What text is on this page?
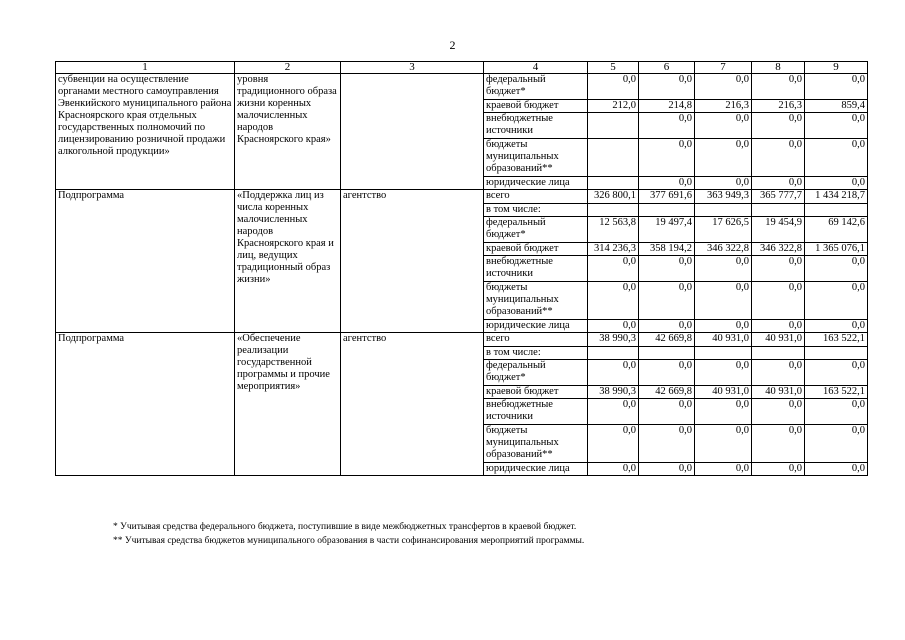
2
1	2	3	4	5	6	7	8	9
субвенции на осуществление органами местного самоуправления Эвенкийского муниципального района Красноярского края отдельных государственных полномочий по лицензированию розничной продажи алкогольной продукции»	уровня традиционного образа жизни коренных малочисленных народов Красноярского края»		федеральный бюджет*	0,0	0,0	0,0	0,0	0,0
			краевой бюджет	212,0	214,8	216,3	216,3	859,4
			внебюджетные источники		0,0	0,0	0,0	0,0
			бюджеты муниципальных образований**		0,0	0,0	0,0	0,0
			юридические лица		0,0	0,0	0,0	0,0
Подпрограмма	«Поддержка лиц из числа коренных малочисленных народов Красноярского края и лиц, ведущих традиционный образ жизни»	агентство	всего	326 800,1	377 691,6	363 949,3	365 777,7	1 434 218,7
			в том числе:					
			федеральный бюджет*	12 563,8	19 497,4	17 626,5	19 454,9	69 142,6
			краевой бюджет	314 236,3	358 194,2	346 322,8	346 322,8	1 365 076,1
			внебюджетные источники	0,0	0,0	0,0	0,0	0,0
			бюджеты муниципальных образований**	0,0	0,0	0,0	0,0	0,0
			юридические лица	0,0	0,0	0,0	0,0	0,0
Подпрограмма	«Обеспечение реализации государственной программы и прочие мероприятия»	агентство	всего	38 990,3	42 669,8	40 931,0	40 931,0	163 522,1
			в том числе:					
			федеральный бюджет*	0,0	0,0	0,0	0,0	0,0
			краевой бюджет	38 990,3	42 669,8	40 931,0	40 931,0	163 522,1
			внебюджетные источники	0,0	0,0	0,0	0,0	0,0
			бюджеты муниципальных образований**	0,0	0,0	0,0	0,0	0,0
			юридические лица	0,0	0,0	0,0	0,0	0,0
* Учитывая средства федерального бюджета, поступившие в виде межбюджетных трансфертов в краевой бюджет.
** Учитывая средства бюджетов муниципального образования в части софинансирования мероприятий программы.
